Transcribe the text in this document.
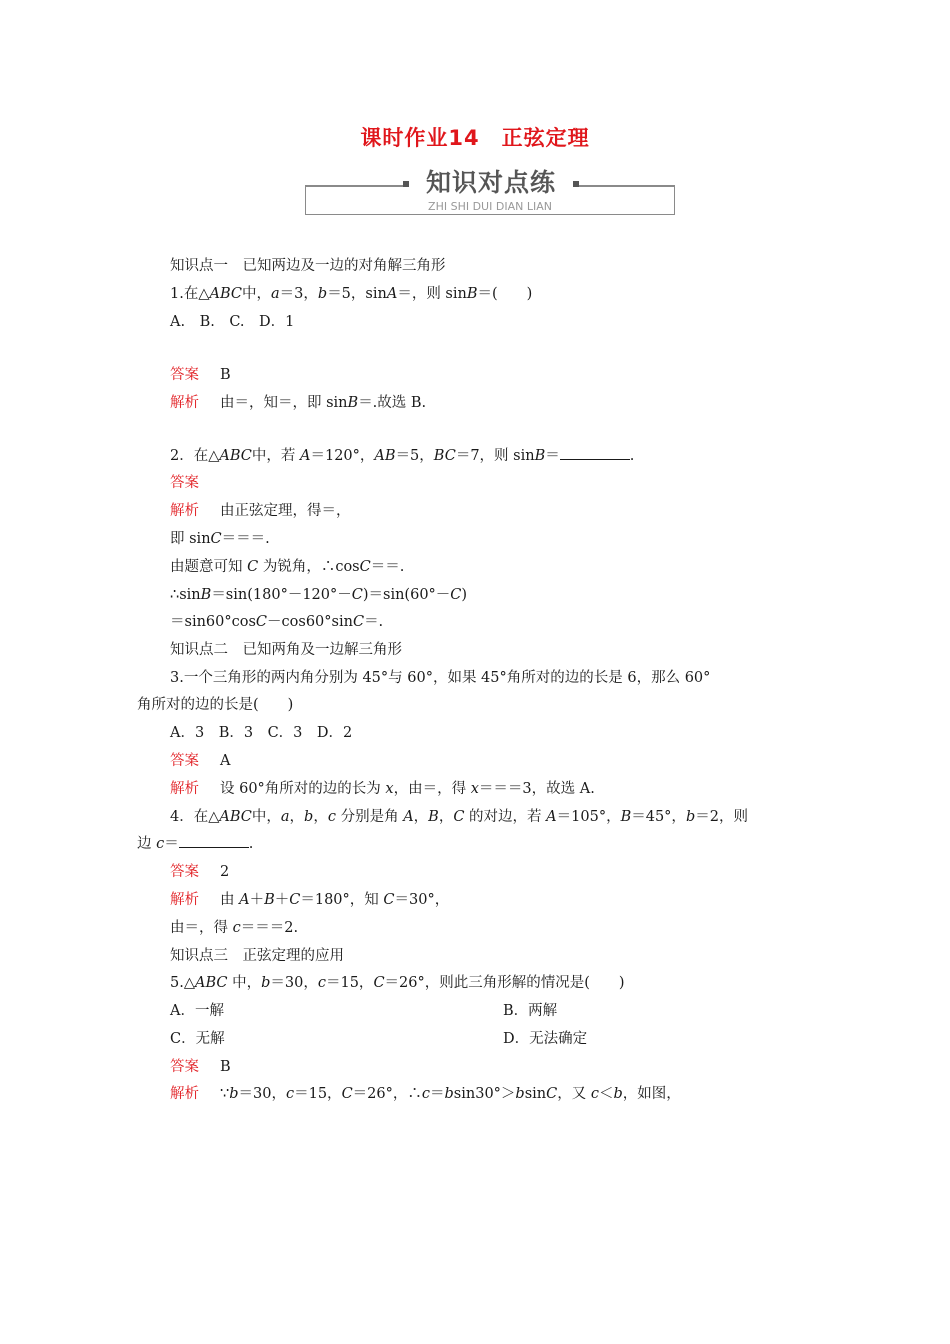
课时作业14　正弦定理
知识对点练
ZHI SHI DUI DIAN LIAN
知识点一　已知两边及一边的对角解三角形
1.在△ABC中，a＝3，b＝5，sinA＝，则 sinB＝(　　)
A.　B.　C.　D．1
答案 B
解析 由＝，知＝，即 sinB＝.故选 B.
2．在△ABC中，若 A＝120°，AB＝5，BC＝7，则 sinB＝	.
答案
解析 由正弦定理，得＝，
即 sinC＝＝＝.
由题意可知 C 为锐角，∴cosC＝＝.
∴sinB＝sin(180°－120°－C)＝sin(60°－C)
＝sin60°cosC－cos60°sinC＝.
知识点二　已知两角及一边解三角形
3.一个三角形的两内角分别为 45°与 60°，如果 45°角所对的边的长是 6，那么 60°
角所对的边的长是(　　)
A．3　B．3　C．3　D．2
答案 A
解析 设 60°角所对的边的长为 x，由＝，得 x＝＝＝3，故选 A.
4．在△ABC中，a，b，c 分别是角 A，B，C 的对边，若 A＝105°，B＝45°，b＝2，则
边 c＝	.
答案 2
解析 由 A＋B＋C＝180°，知 C＝30°，
由＝，得 c＝＝＝2.
知识点三　正弦定理的应用
5.△ABC 中，b＝30，c＝15，C＝26°，则此三角形解的情况是(　　)
A．一解	B．两解
C．无解	D．无法确定
答案 B
解析 ∵b＝30，c＝15，C＝26°，∴c＝bsin30°＞bsinC，又 c＜b，如图，
